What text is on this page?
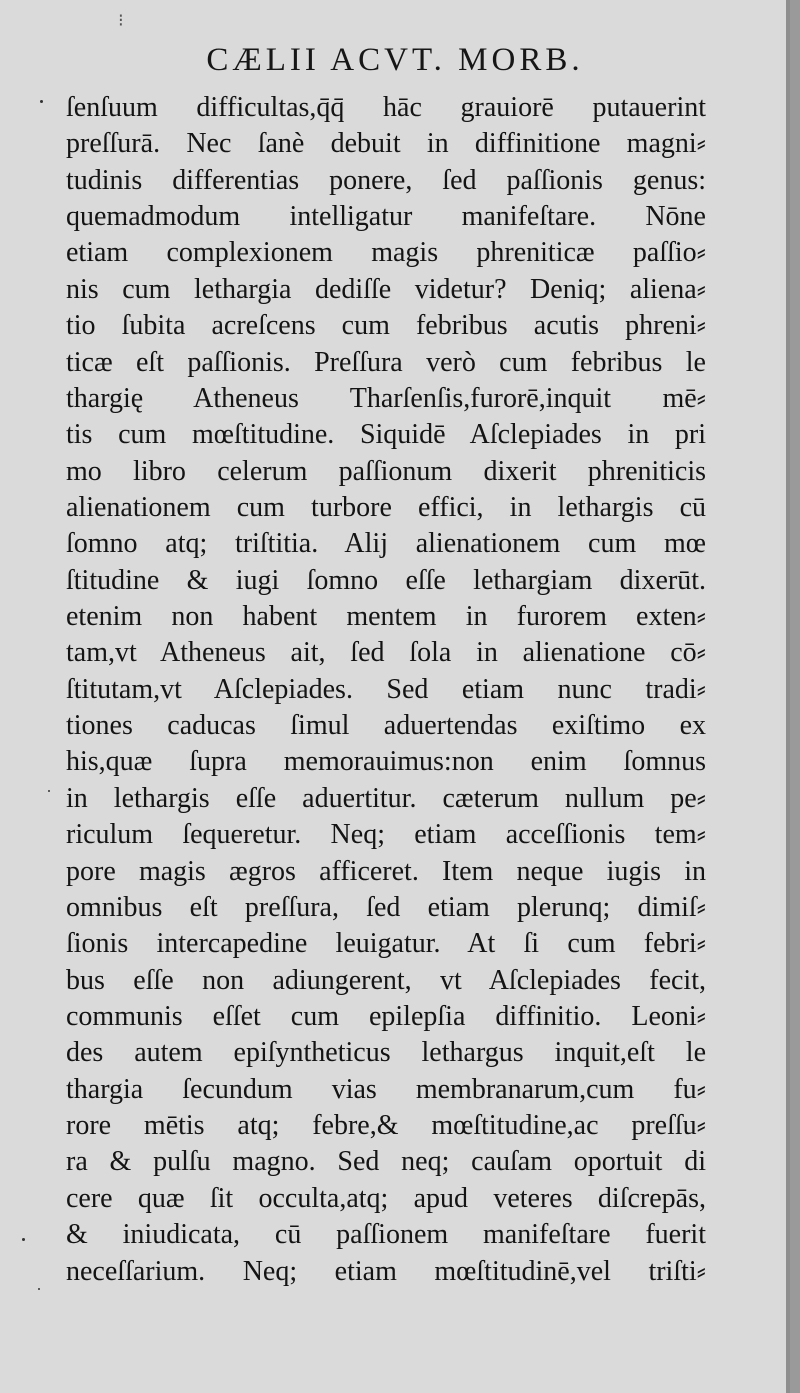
⁝
CÆLII ACVT. MORB.
ſenſuum difficultas,q̄q̄ hāc grauiorē putauerint
preſſurā. Nec ſanè debuit in diffinitione magni⸗
tudinis differentias ponere, ſed paſſionis genus:
quemadmodum intelligatur manifeſtare. Nōne
etiam complexionem magis phreniticæ paſſio⸗
nis cum lethargia dediſſe videtur? Deniq; aliena⸗
tio ſubita acreſcens cum febribus acutis phreni⸗
ticæ eſt paſſionis. Preſſura verò cum febribus le
thargię Atheneus Tharſenſis,furorē,inquit mē⸗
tis cum mœſtitudine. Siquidē Aſclepiades in pri
mo libro celerum paſſionum dixerit phreniticis
alienationem cum turbore effici, in lethargis cū
ſomno atq; triſtitia. Alij alienationem cum mœ
ſtitudine & iugi ſomno eſſe lethargiam dixerūt.
etenim non habent mentem in furorem exten⸗
tam,vt Atheneus ait, ſed ſola in alienatione cō⸗
ſtitutam,vt Aſclepiades. Sed etiam nunc tradi⸗
tiones caducas ſimul aduertendas exiſtimo ex
his,quæ ſupra memorauimus:non enim ſomnus
in lethargis eſſe aduertitur. cæterum nullum pe⸗
riculum ſequeretur. Neq; etiam acceſſionis tem⸗
pore magis ægros afficeret. Item neque iugis in
omnibus eſt preſſura, ſed etiam plerunq; dimiſ⸗
ſionis intercapedine leuigatur. At ſi cum febri⸗
bus eſſe non adiungerent, vt Aſclepiades fecit,
communis eſſet cum epilepſia diffinitio. Leoni⸗
des autem epiſyntheticus lethargus inquit,eſt le
thargia ſecundum vias membranarum,cum fu⸗
rore mētis atq; febre,& mœſtitudine,ac preſſu⸗
ra & pulſu magno. Sed neq; cauſam oportuit di
cere quæ ſit occulta,atq; apud veteres diſcrepās,
& iniudicata, cū paſſionem manifeſtare fuerit
neceſſarium. Neq; etiam mœſtitudinē,vel triſti⸗
